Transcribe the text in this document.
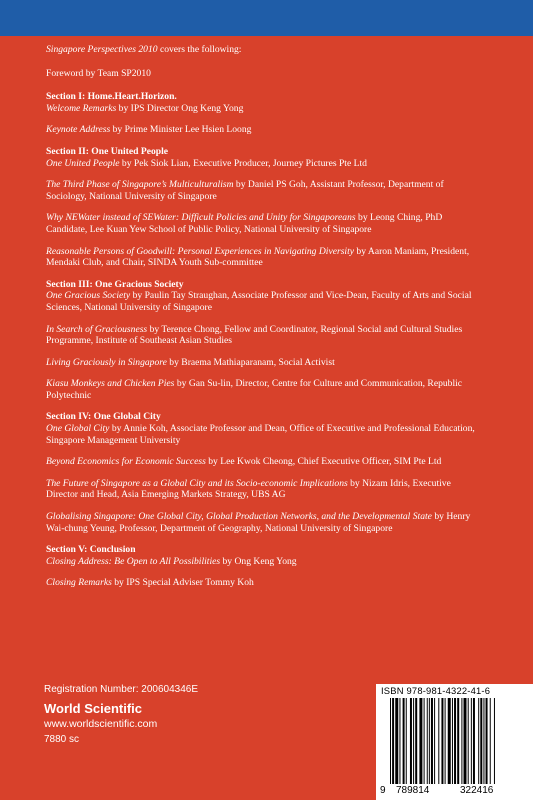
Singapore Perspectives 2010 covers the following:

Foreword by Team SP2010

Section I: Home.Heart.Horizon.

Welcome Remarks by IPS Director Ong Keng Yong

Keynote Address by Prime Minister Lee Hsien Loong

Section II: One United People

One United People by Pek Siok Lian, Executive Producer, Journey Pictures Pte Ltd

The Third Phase of Singapore’s Multiculturalism by Daniel PS Goh, Assistant Professor, Department of Sociology, National University of Singapore

Why NEWater instead of SEWater: Difficult Policies and Unity for Singaporeans by Leong Ching, PhD Candidate, Lee Kuan Yew School of Public Policy, National University of Singapore

Reasonable Persons of Goodwill: Personal Experiences in Navigating Diversity by Aaron Maniam, President, Mendaki Club, and Chair, SINDA Youth Sub-committee

Section III: One Gracious Society

One Gracious Society by Paulin Tay Straughan, Associate Professor and Vice-Dean, Faculty of Arts and Social Sciences, National University of Singapore

In Search of Graciousness by Terence Chong, Fellow and Coordinator, Regional Social and Cultural Studies Programme, Institute of Southeast Asian Studies

Living Graciously in Singapore by Braema Mathiaparanam, Social Activist

Kiasu Monkeys and Chicken Pies by Gan Su-lin, Director, Centre for Culture and Communication, Republic Polytechnic

Section IV: One Global City

One Global City by Annie Koh, Associate Professor and Dean, Office of Executive and Professional Education, Singapore Management University

Beyond Economics for Economic Success by Lee Kwok Cheong, Chief Executive Officer, SIM Pte Ltd

The Future of Singapore as a Global City and its Socio-economic Implications by Nizam Idris, Executive Director and Head, Asia Emerging Markets Strategy, UBS AG

Globalising Singapore: One Global City, Global Production Networks, and the Developmental State by Henry Wai-chung Yeung, Professor, Department of Geography, National University of Singapore

Section V: Conclusion

Closing Address: Be Open to All Possibilities by Ong Keng Yong

Closing Remarks by IPS Special Adviser Tommy Koh

Registration Number: 200604346E

World Scientific

www.worldscientific.com

7880 sc

ISBN 978-981-4322-41-6
9 789814	322416
